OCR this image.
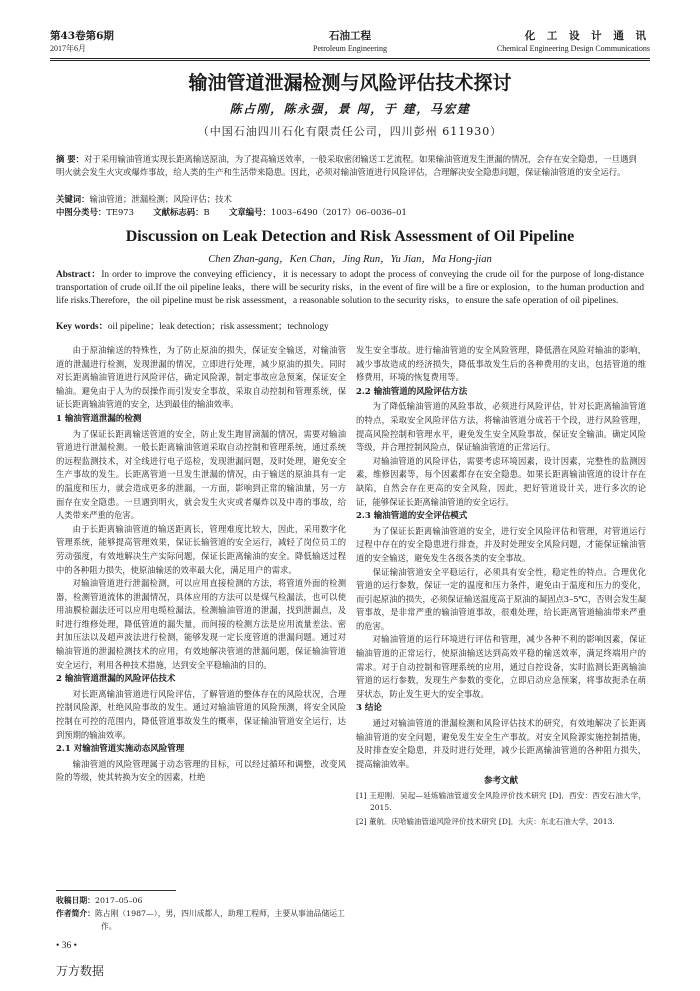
第43卷第6期
2017年6月
石油工程
Petroleum Engineering
化 工 设 计 通 讯
Chemical Engineering Design Communications
输油管道泄漏检测与风险评估技术探讨
陈占刚，陈永强，景 闯，于 建，马宏建
（中国石油四川石化有限责任公司，四川彭州 611930）
摘 要：对于采用输油管道实现长距离输送原油，为了提高输送效率，一般采取密闭输送工艺流程。如果输油管道发生泄漏的情况，会存在安全隐患，一旦遇到明火就会发生火灾或爆炸事故，给人类的生产和生活带来隐患。因此，必须对输油管道进行风险评估，合理解决安全隐患问题，保证输油管道的安全运行。
关键词：输油管道；泄漏检测；风险评估；技术
中图分类号：TE973 文献标志码：B 文章编号：1003–6490（2017）06–0036–01
Discussion on Leak Detection and Risk Assessment of Oil Pipeline
Chen Zhan-gang，Ken Chan，Jing Run，Yu Jian，Ma Hong-jian
Abstract：In order to improve the conveying efficiency，it is necessary to adopt the process of conveying the crude oil for the purpose of long-distance transportation of crude oil.If the oil pipeline leaks，there will be security risks，in the event of fire will be a fire or explosion，to the human production and life risks.Therefore，the oil pipeline must be risk assessment，a reasonable solution to the security risks，to ensure the safe operation of oil pipelines.
Key words：oil pipeline；leak detection；risk assessment；technology

由于原油输送的特殊性，为了防止原油的损失，保证安全输送，对输油管道的泄漏进行检测，发现泄漏的情况，立即进行处理，减少原油的损失。同时对长距离输油管道进行风险评估，确定风险源，制定事故应急预案，保证安全输油。避免由于人为的误操作而引发安全事故，采取自动控制和管理系统，保证长距离输油管道的安全，达到最佳的输油效率。

1 输油管道泄漏的检测

为了保证长距离输送管道的安全，防止发生跑冒滴漏的情况，需要对输油管道进行泄漏检测。一般长距离输油管道采取自动控制和管理系统，通过系统的远程监测技术，对全线进行电子巡检，发现泄漏问题，及时处理，避免安全生产事故的发生。长距离管道一旦发生泄漏的情况，由于输送的原油具有一定的温度和压力，就会造成更多的泄漏，一方面，影响到正常的输油量，另一方面存在安全隐患。一旦遇到明火，就会发生火灾或者爆炸以及中毒的事故，给人类带来严重的危害。

由于长距离输油管道的输送距离长，管理难度比较大，因此，采用数字化管理系统，能够提高管理效果，保证长输管道的安全运行，减轻了岗位员工的劳动强度，有效地解决生产实际问题，保证长距离输油的安全。降低输送过程中的各种阻力损失，使原油输送的效率最大化，满足用户的需求。

对输油管道进行泄漏检测，可以应用直接检测的方法，将管道外面的检测器，检测管道流体的泄漏情况，具体应用的方法可以是煤气检漏法，也可以使用油膜检漏法还可以应用电缆检漏法，检测输油管道的泄漏，找到泄漏点，及时进行维修处理，降低管道的漏失量，而间接的检测方法是应用流量差法、密封加压法以及超声波法进行检测，能够发现一定长度管道的泄漏问题。通过对输油管道的泄漏检测技术的应用，有效地解决管道的泄漏问题，保证输油管道安全运行，利用各种技术措施，达到安全平稳输油的目的。

2 输油管道泄漏的风险评估技术

对长距离输油管道进行风险评估，了解管道的整体存在的风险状况，合理控制风险源，杜绝风险事故的发生。通过对输油管道的风险预测，将安全风险控制在可控的范围内，降低管道事故发生的概率，保证输油管道安全运行，达到预期的输油效率。

2.1 对输油管道实施动态风险管理

输油管道的风险管理属于动态管理的目标，可以经过循环和调整，改变风险的等级，使其转换为安全的因素，杜绝

发生安全事故。进行输油管道的安全风险管理，降低潜在风险对输油的影响，减少事故造成的经济损失，降低事故发生后的各种费用的支出，包括管道的维修费用，环境的恢复费用等。

2.2 输油管道的风险评估方法

为了降低输油管道的风险事故，必须进行风险评估，针对长距离输油管道的特点，采取安全风险评估方法，将输油管道分成若干个段，进行风险管理，提高风险控制和管理水平，避免发生安全风险事故，保证安全输油。确定风险等级，并合理控制风险点，保证输油管道的正常运行。

对输油管道的风险评估，需要考虑环境因素，设计因素，完整性的监测因素，维修因素等，每个因素都存在安全隐患。如果长距离输油管道的设计存在缺陷，自然会存在更高的安全风险，因此，把好管道设计关，进行多次的论证，能够保证长距离输油管道的安全运行。

2.3 输油管道的安全评估模式

为了保证长距离输油管道的安全，进行安全风险评估和管理，对管道运行过程中存在的安全隐患进行排查，并及时处理安全风险问题，才能保证输油管道的安全输送，避免发生各级各类的安全事故。

保证输油管道安全平稳运行，必须具有安全性，稳定性的特点。合理优化管道的运行参数，保证一定的温度和压力条件，避免由于温度和压力的变化，而引起原油的损失，必须保证输送温度高于原油的凝固点3–5℃，否则会发生凝管事故，是非常严重的输油管道事故，很难处理，给长距离管道输油带来严重的危害。

对输油管道的运行环境进行评估和管理，减少各种不利的影响因素，保证输油管道的正常运行，使原油输送达到高效平稳的输送效率，满足终端用户的需求。对于自动控制和管理系统的应用，通过自控设备，实时监测长距离输油管道的运行参数，发现生产参数的变化，立即启动应急预案，将事故扼杀在萌芽状态，防止发生更大的安全事故。

3 结论

通过对输油管道的泄漏检测和风险评估技术的研究，有效地解决了长距离输油管道的安全问题，避免发生安全生产事故。对安全风险源实施控制措施，及时排查安全隐患，并及时进行处理，减少长距离输油管道的各种阻力损失，提高输油效率。

参考文献

[1] 王迎刚．吴起—延炼输油管道安全风险评价技术研究 [D]．西安：西安石油大学，2015.

[2] 董航．庆哈输油管道风险评价技术研究 [D]．大庆：东北石油大学，2013.

收稿日期：2017–05–06

作者简介：陈占刚（1987—），男，四川成都人，助理工程师，主要从事油品储运工作。

• 36 •
万方数据
